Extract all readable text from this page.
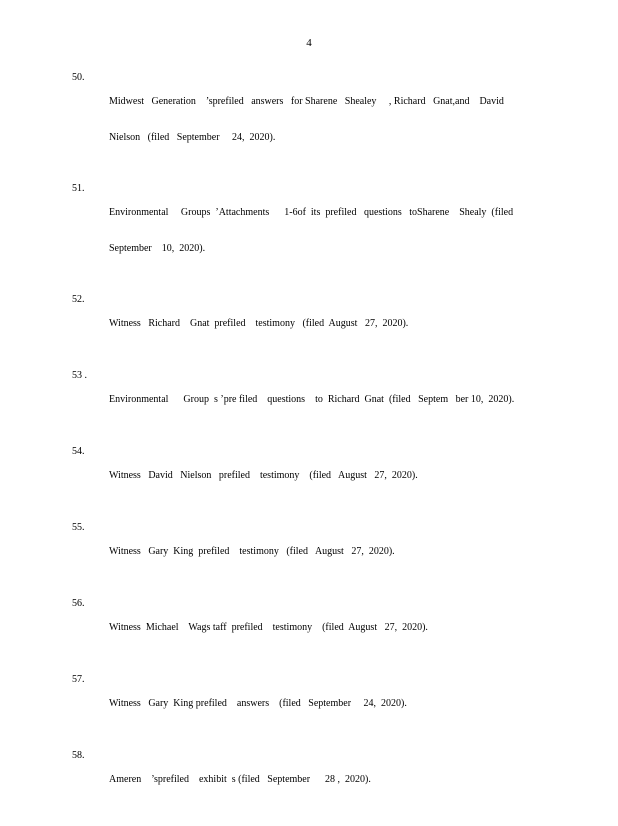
4
50.

Midwest   Generation    ’sprefiled   answers   for Sharene   Shealey     , Richard   Gnat,and    David

Nielson   (filed   September     24,  2020).

51.

Environmental     Groups  ’Attachments      1-6of  its  prefiled   questions   toSharene    Shealy  (filed

September    10,  2020).

52.

Witness   Richard    Gnat  prefiled    testimony   (filed  August   27,  2020).

53 .

Environmental      Group  s ’pre filed    questions    to  Richard  Gnat  (filed   Septem   ber 10,  2020).

54.

Witness   David   Nielson   prefiled    testimony    (filed   August   27,  2020).

55.

Witness   Gary  King  prefiled    testimony   (filed   August   27,  2020).

56.

Witness  Michael    Wags taff  prefiled    testimony    (filed  August   27,  2020).

57.

Witness   Gary  King prefiled    answers    (filed   September     24,  2020).

58.

Ameren    ’sprefiled    exhibit  s (filed   September      28 ,  2020).
